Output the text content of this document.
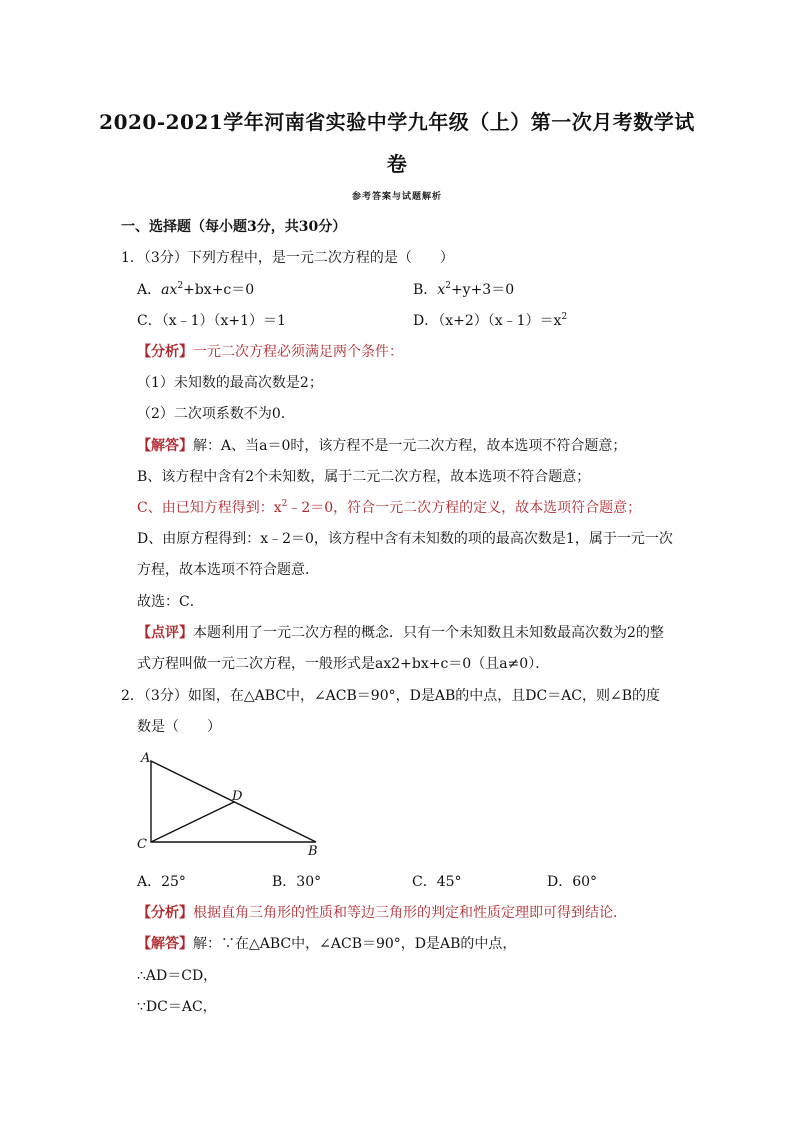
2020-2021学年河南省实验中学九年级（上）第一次月考数学试
卷
参考答案与试题解析
一、选择题（每小题3分，共30分）
1．（3分）下列方程中，是一元二次方程的是（　　）
A．$ax^2+bx+c=0$	B．$x^2+y+3=0$
C．（x﹣1）（x+1）＝1	D．$(x+2)(x﹣1)=x^2$
【分析】一元二次方程必须满足两个条件：
（1）未知数的最高次数是2；
（2）二次项系数不为0．
【解答】解：A、当a＝0时，该方程不是一元二次方程，故本选项不符合题意；
B、该方程中含有2个未知数，属于二元二次方程，故本选项不符合题意；
C、由已知方程得到：$x^2﹣2=0$，符合一元二次方程的定义，故本选项符合题意；
D、由原方程得到：x﹣2＝0，该方程中含有未知数的项的最高次数是1，属于一元一次
方程，故本选项不符合题意．
故选：C．
【点评】本题利用了一元二次方程的概念．只有一个未知数且未知数最高次数为2的整
式方程叫做一元二次方程，一般形式是ax2+bx+c＝0（且a≠0）．
2．（3分）如图，在△ABC中，∠ACB＝90°，D是AB的中点，且DC＝AC，则∠B的度
数是（　　）
A
D
C	B
A．25°	B．30°	C．45°	D．60°
【分析】根据直角三角形的性质和等边三角形的判定和性质定理即可得到结论．
【解答】解：∵在△ABC中，∠ACB＝90°，D是AB的中点，
∴AD＝CD，
∵DC＝AC，
